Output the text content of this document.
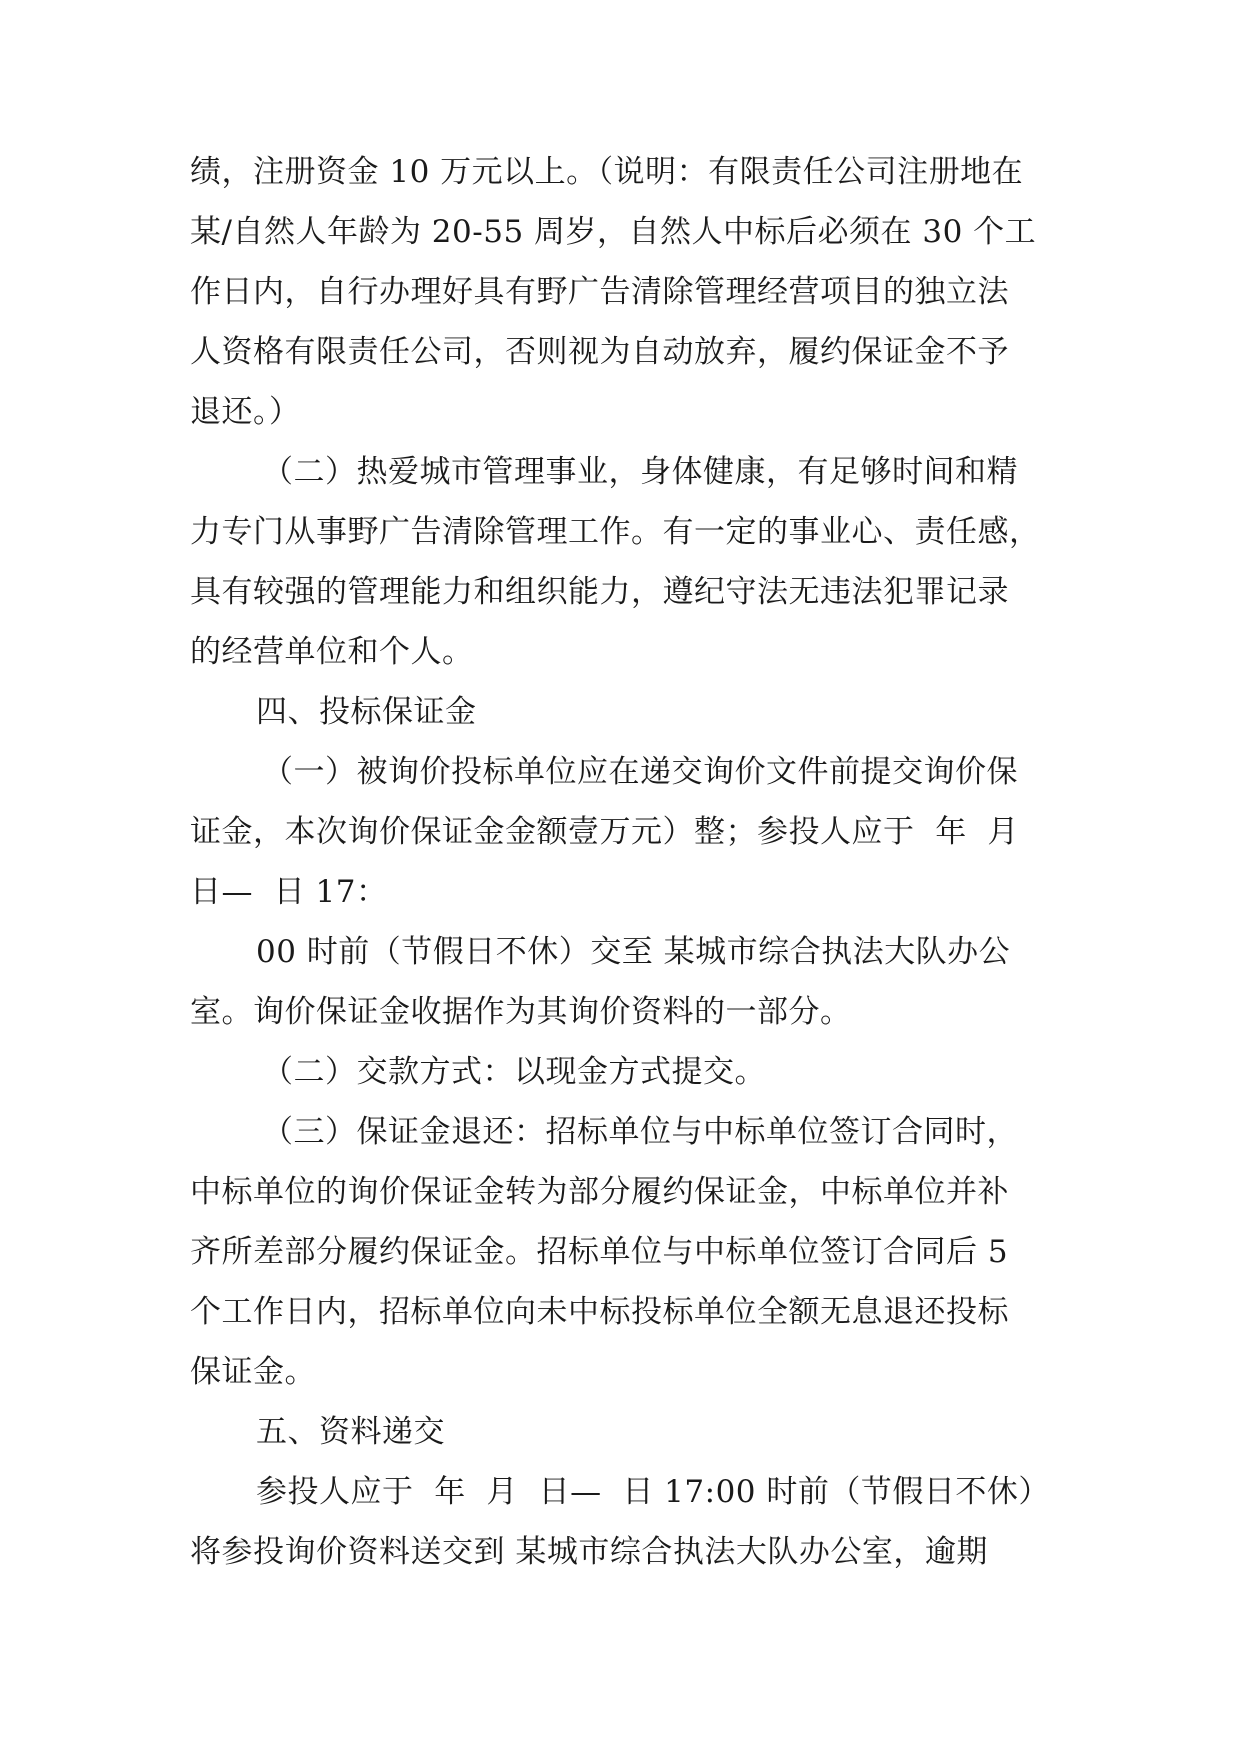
绩，注册资金 10 万元以上。（说明：有限责任公司注册地在
某/自然人年龄为 20-55 周岁，自然人中标后必须在 30 个工
作日内，自行办理好具有野广告清除管理经营项目的独立法
人资格有限责任公司，否则视为自动放弃，履约保证金不予
退还。）
（二）热爱城市管理事业，身体健康，有足够时间和精
力专门从事野广告清除管理工作。有一定的事业心、责任感，
具有较强的管理能力和组织能力，遵纪守法无违法犯罪记录
的经营单位和个人。
四、投标保证金
（一）被询价投标单位应在递交询价文件前提交询价保
证金，本次询价保证金金额壹万元）整；参投人应于  年  月
日—  日 17：
00 时前（节假日不休）交至 某城市综合执法大队办公
室。询价保证金收据作为其询价资料的一部分。
（二）交款方式：以现金方式提交。
（三）保证金退还：招标单位与中标单位签订合同时，
中标单位的询价保证金转为部分履约保证金，中标单位并补
齐所差部分履约保证金。招标单位与中标单位签订合同后 5
个工作日内，招标单位向未中标投标单位全额无息退还投标
保证金。
五、资料递交
参投人应于  年  月  日—  日 17:00 时前（节假日不休）
将参投询价资料送交到 某城市综合执法大队办公室，逾期
